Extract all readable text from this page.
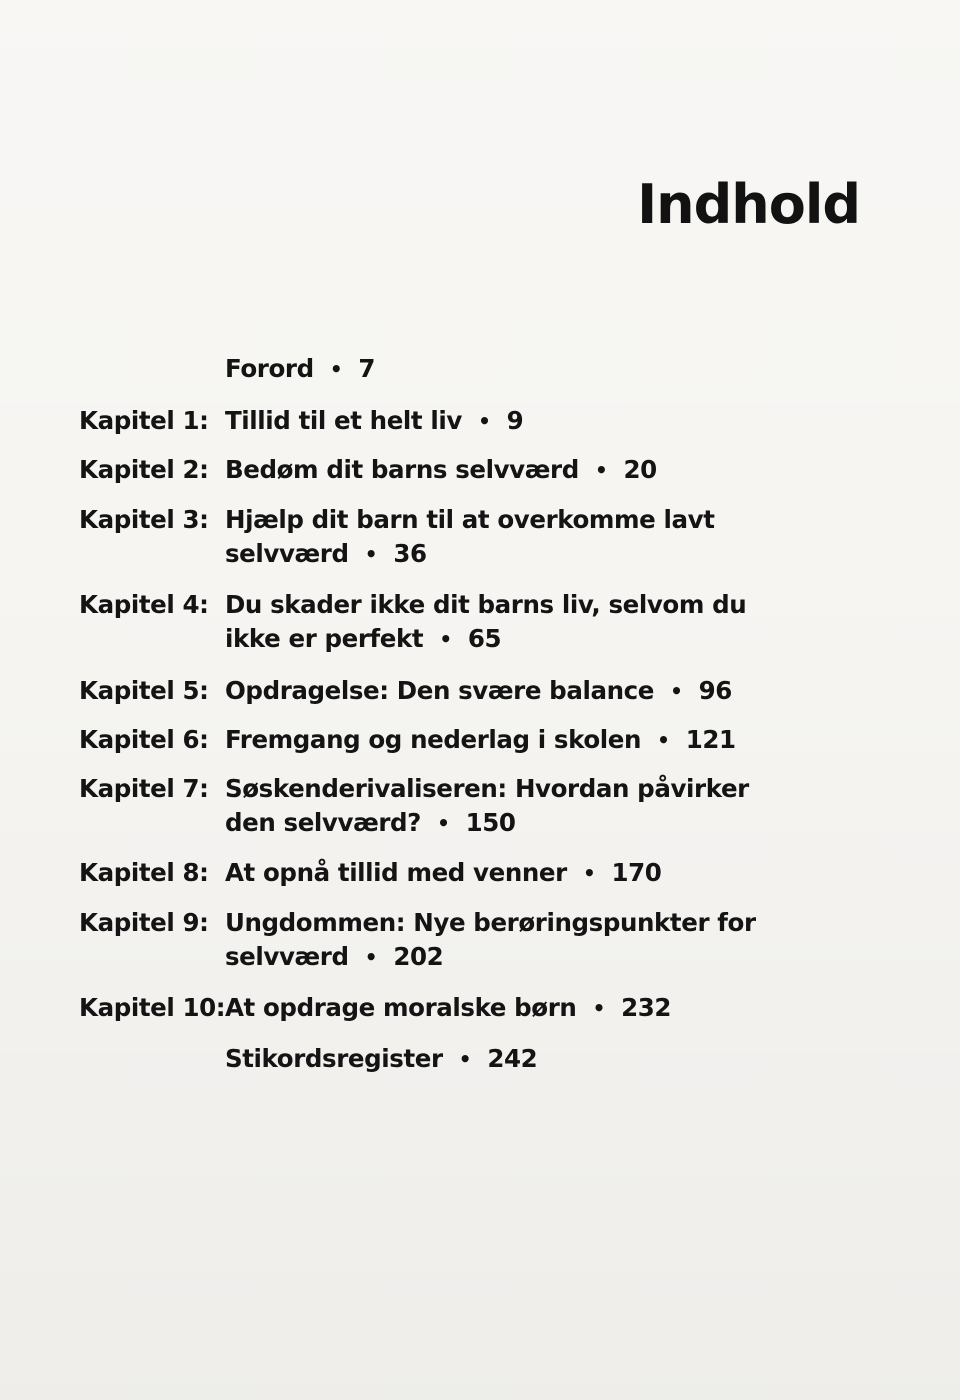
Indhold
Forord • 7
Kapitel 1: Tillid til et helt liv • 9
Kapitel 2: Bedøm dit barns selvværd • 20
Kapitel 3: Hjælp dit barn til at overkomme lavt
selvværd • 36
Kapitel 4: Du skader ikke dit barns liv, selvom du
ikke er perfekt • 65
Kapitel 5: Opdragelse: Den svære balance • 96
Kapitel 6: Fremgang og nederlag i skolen • 121
Kapitel 7: Søskenderivaliseren: Hvordan påvirker
den selvværd? • 150
Kapitel 8: At opnå tillid med venner • 170
Kapitel 9: Ungdommen: Nye berøringspunkter for
selvværd • 202
Kapitel 10: At opdrage moralske børn • 232
Stikordsregister • 242
